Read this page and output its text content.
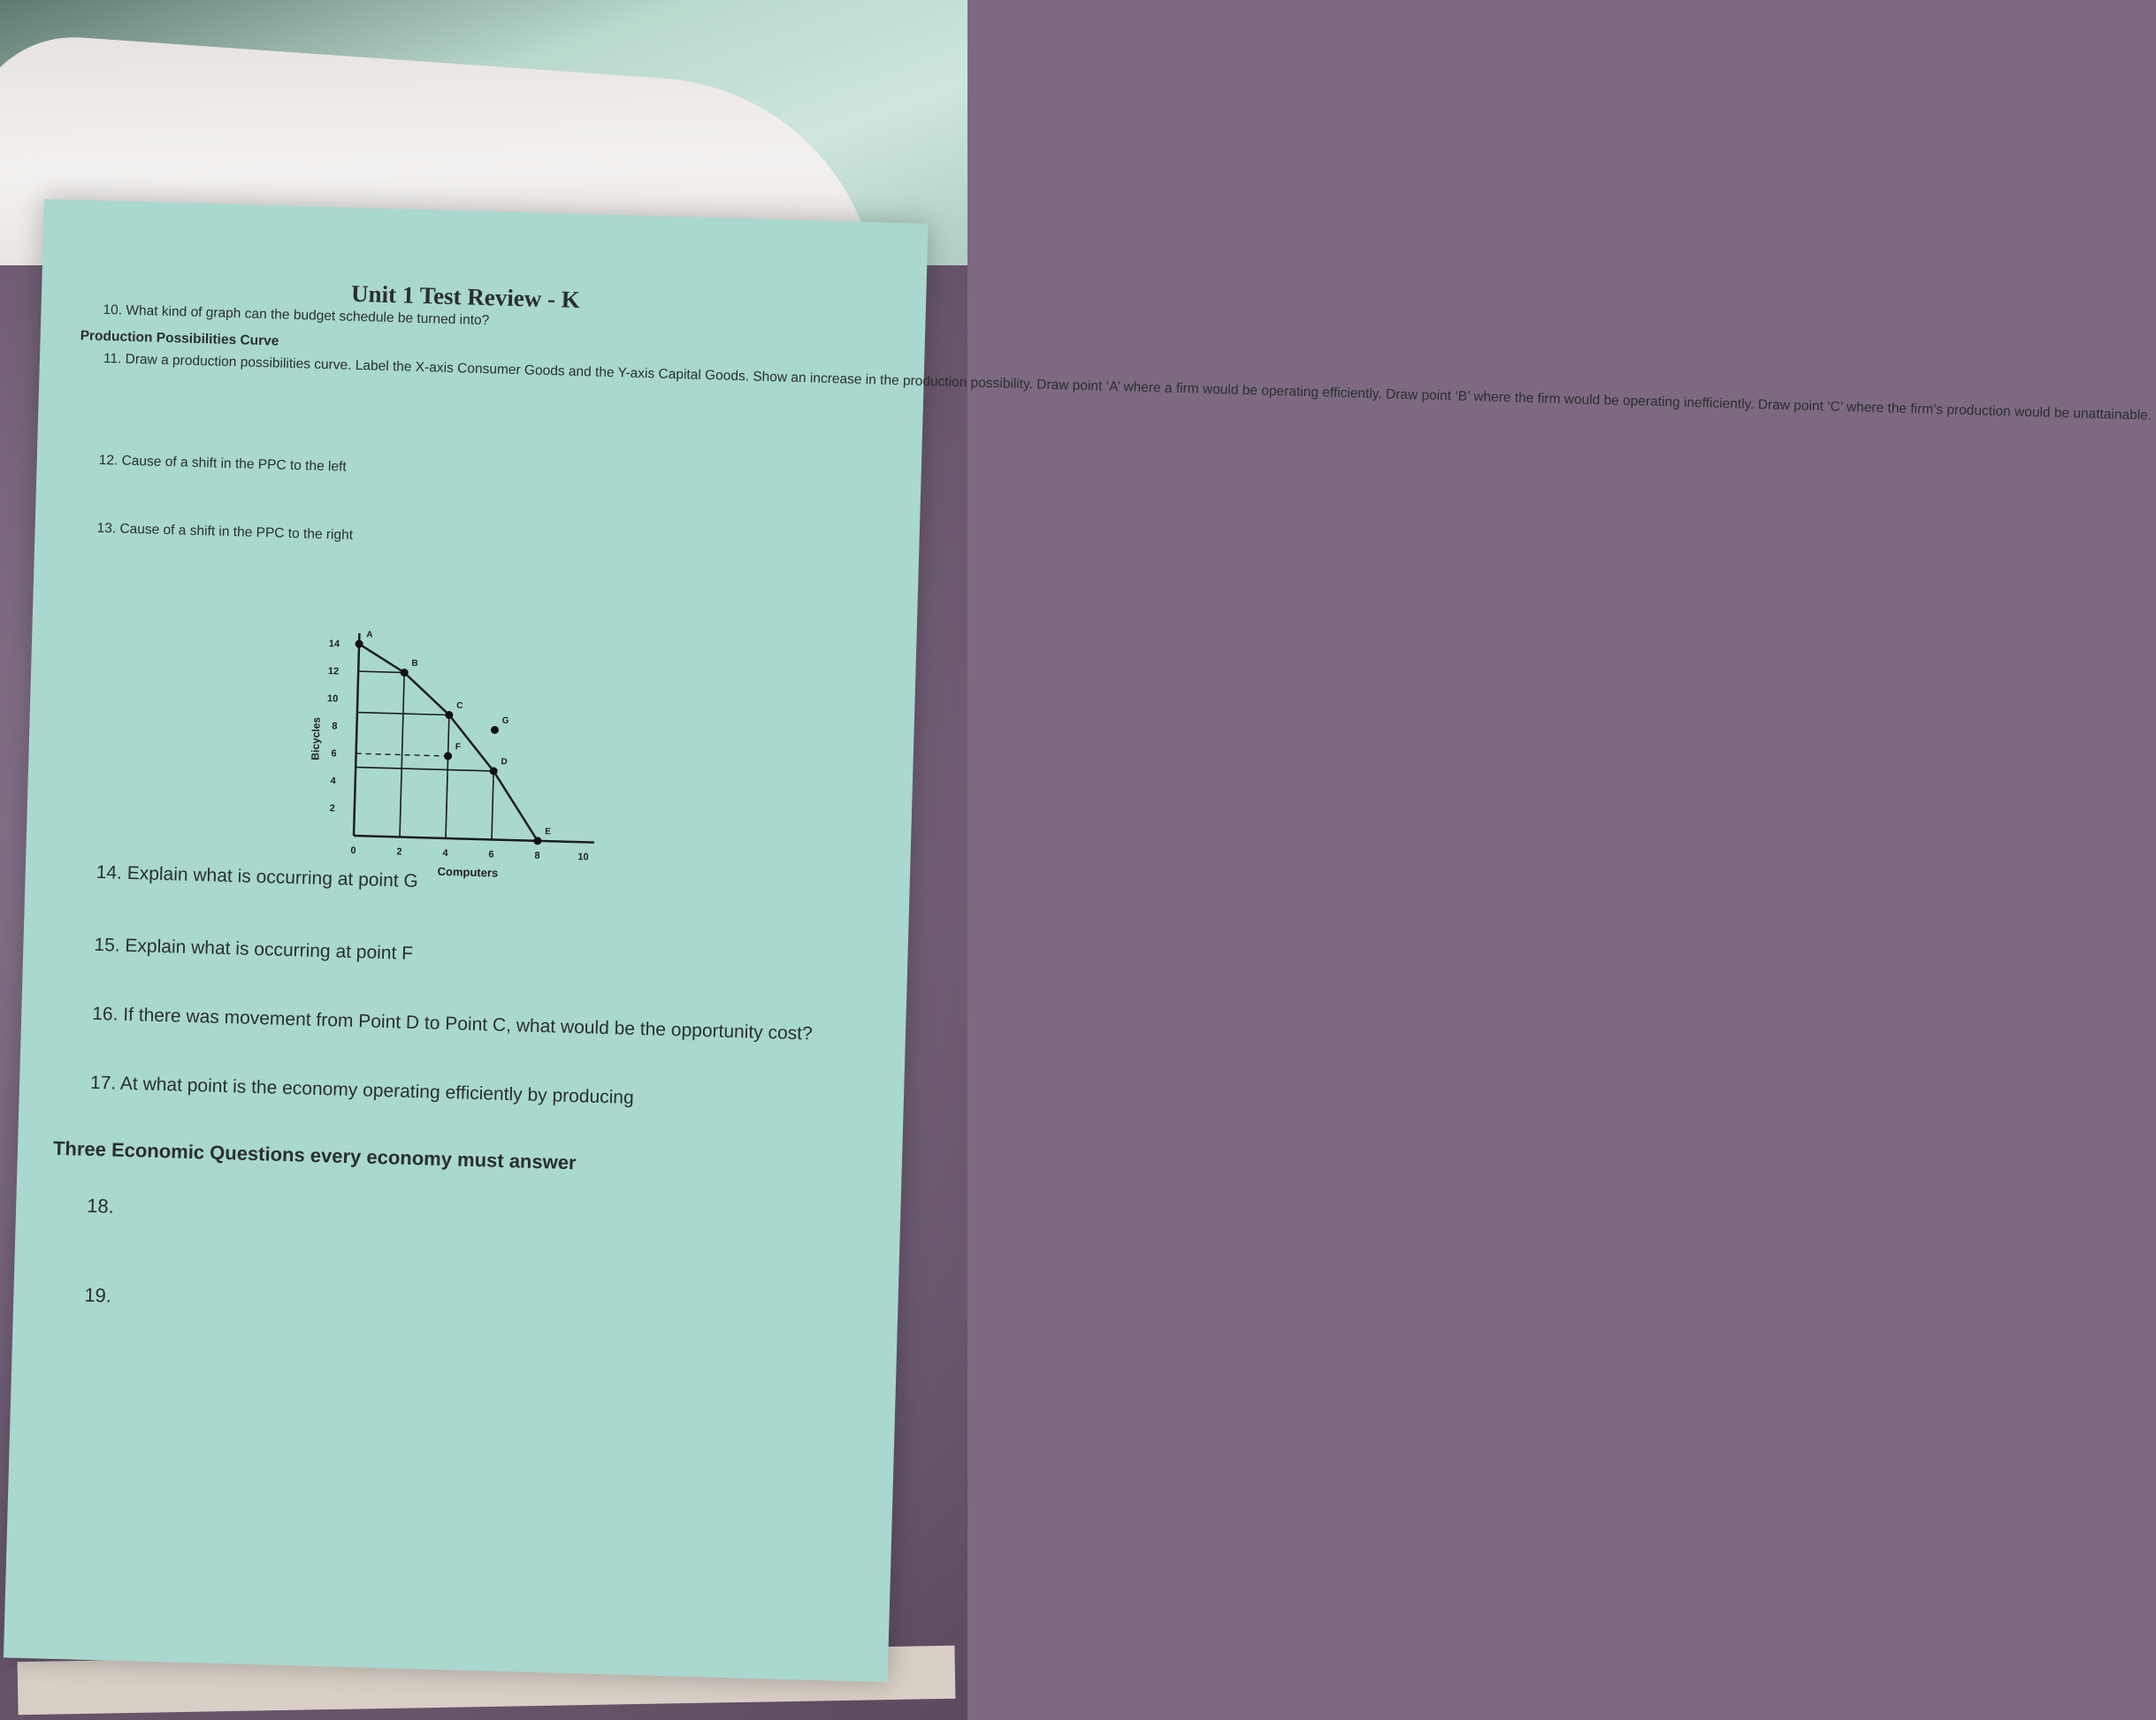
Unit 1 Test Review - K
10. What kind of graph can the budget schedule be turned into?
Production Possibilities Curve
11. Draw a production possibilities curve. Label the X-axis Consumer Goods and the Y-axis Capital Goods. Show an increase in the production possibility. Draw point ‘A’ where a firm would be operating efficiently. Draw point ‘B’ where the firm would be operating inefficiently. Draw point ‘C’ where the firm’s production would be unattainable.
12. Cause of a shift in the PPC to the left
13. Cause of a shift in the PPC to the right
2
4
6
8
10
12
14
0	2	4	6	8	10
Computers
Bicycles
A
B
C
D
E
F
G
14. Explain what is occurring at point G
15. Explain what is occurring at point F
16. If there was movement from Point D to Point C, what would be the opportunity cost?
17. At what point is the economy operating efficiently by producing
Three Economic Questions every economy must answer
18.
19.
